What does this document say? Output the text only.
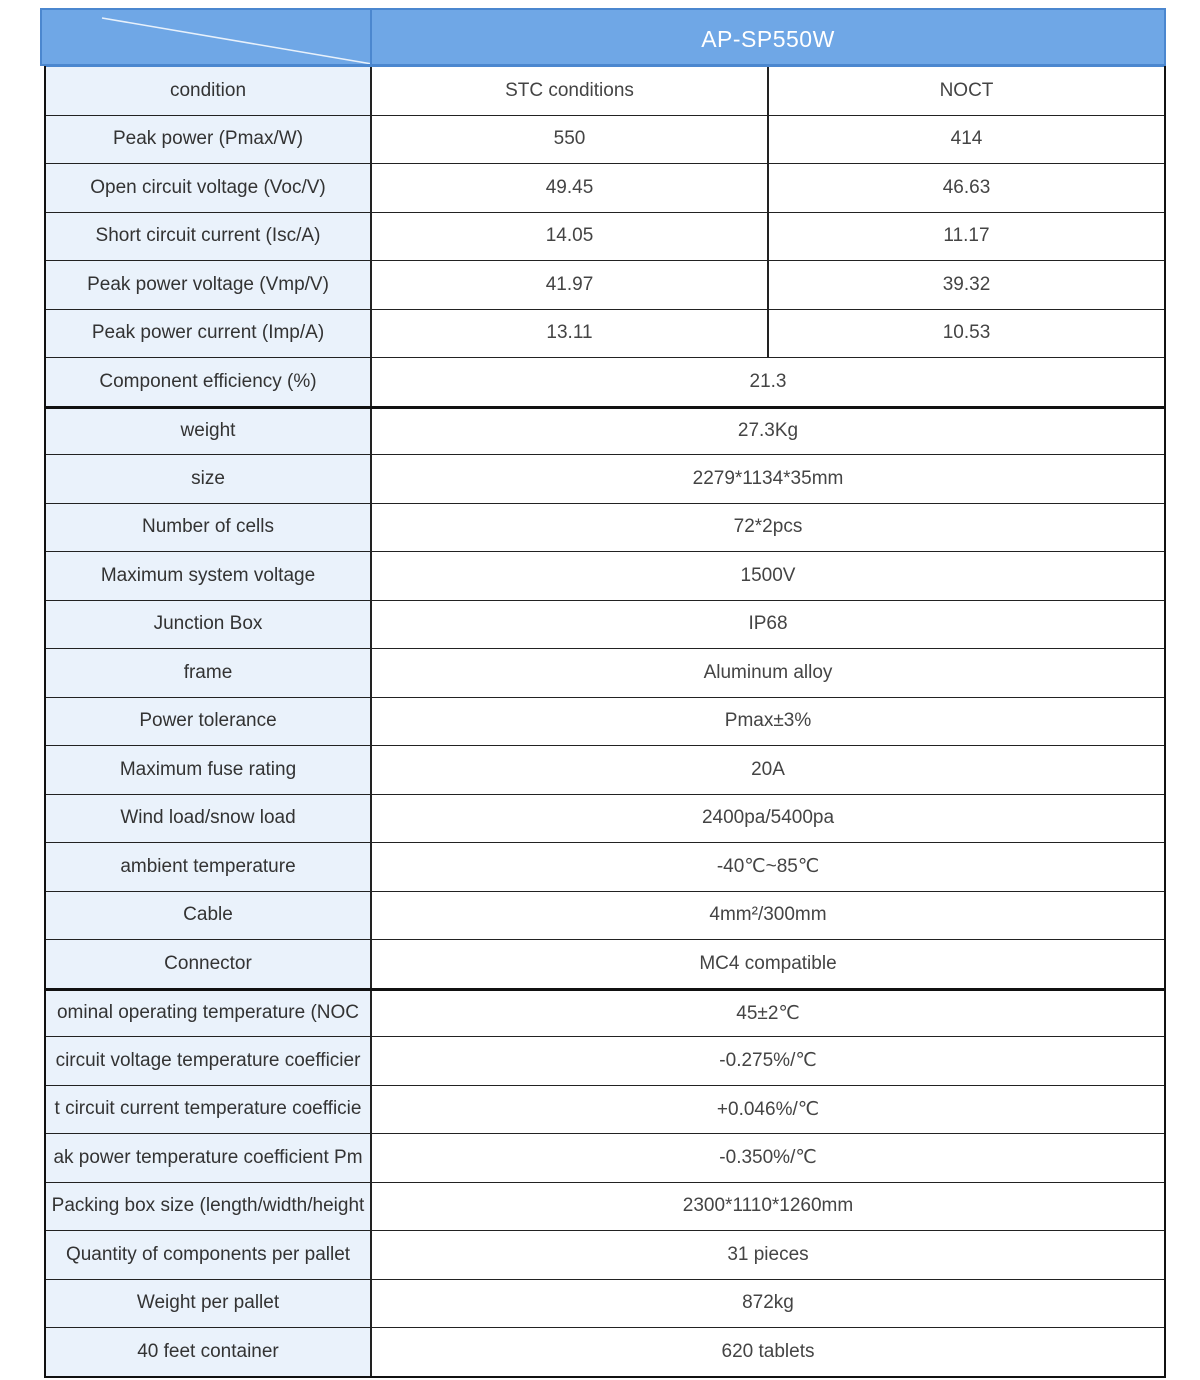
AP-SP550W
condition	STC conditions	NOCT
Peak power (Pmax/W)	550	414
Open circuit voltage (Voc/V)	49.45	46.63
Short circuit current (Isc/A)	14.05	11.17
Peak power voltage (Vmp/V)	41.97	39.32
Peak power current (Imp/A)	13.11	10.53
Component efficiency (%)	21.3
weight	27.3Kg
size	2279*1134*35mm
Number of cells	72*2pcs
Maximum system voltage	1500V
Junction Box	IP68
frame	Aluminum alloy
Power tolerance	Pmax±3%
Maximum fuse rating	20A
Wind load/snow load	2400pa/5400pa
ambient temperature	-40℃~85℃
Cable	4mm²/300mm
Connector	MC4 compatible
ominal operating temperature (NOC	45±2℃
circuit voltage temperature coefficier	-0.275%/℃
t circuit current temperature coefficie	+0.046%/℃
ak power temperature coefficient Pm	-0.350%/℃
Packing box size (length/width/height	2300*1110*1260mm
Quantity of components per pallet	31 pieces
Weight per pallet	872kg
40 feet container	620 tablets
